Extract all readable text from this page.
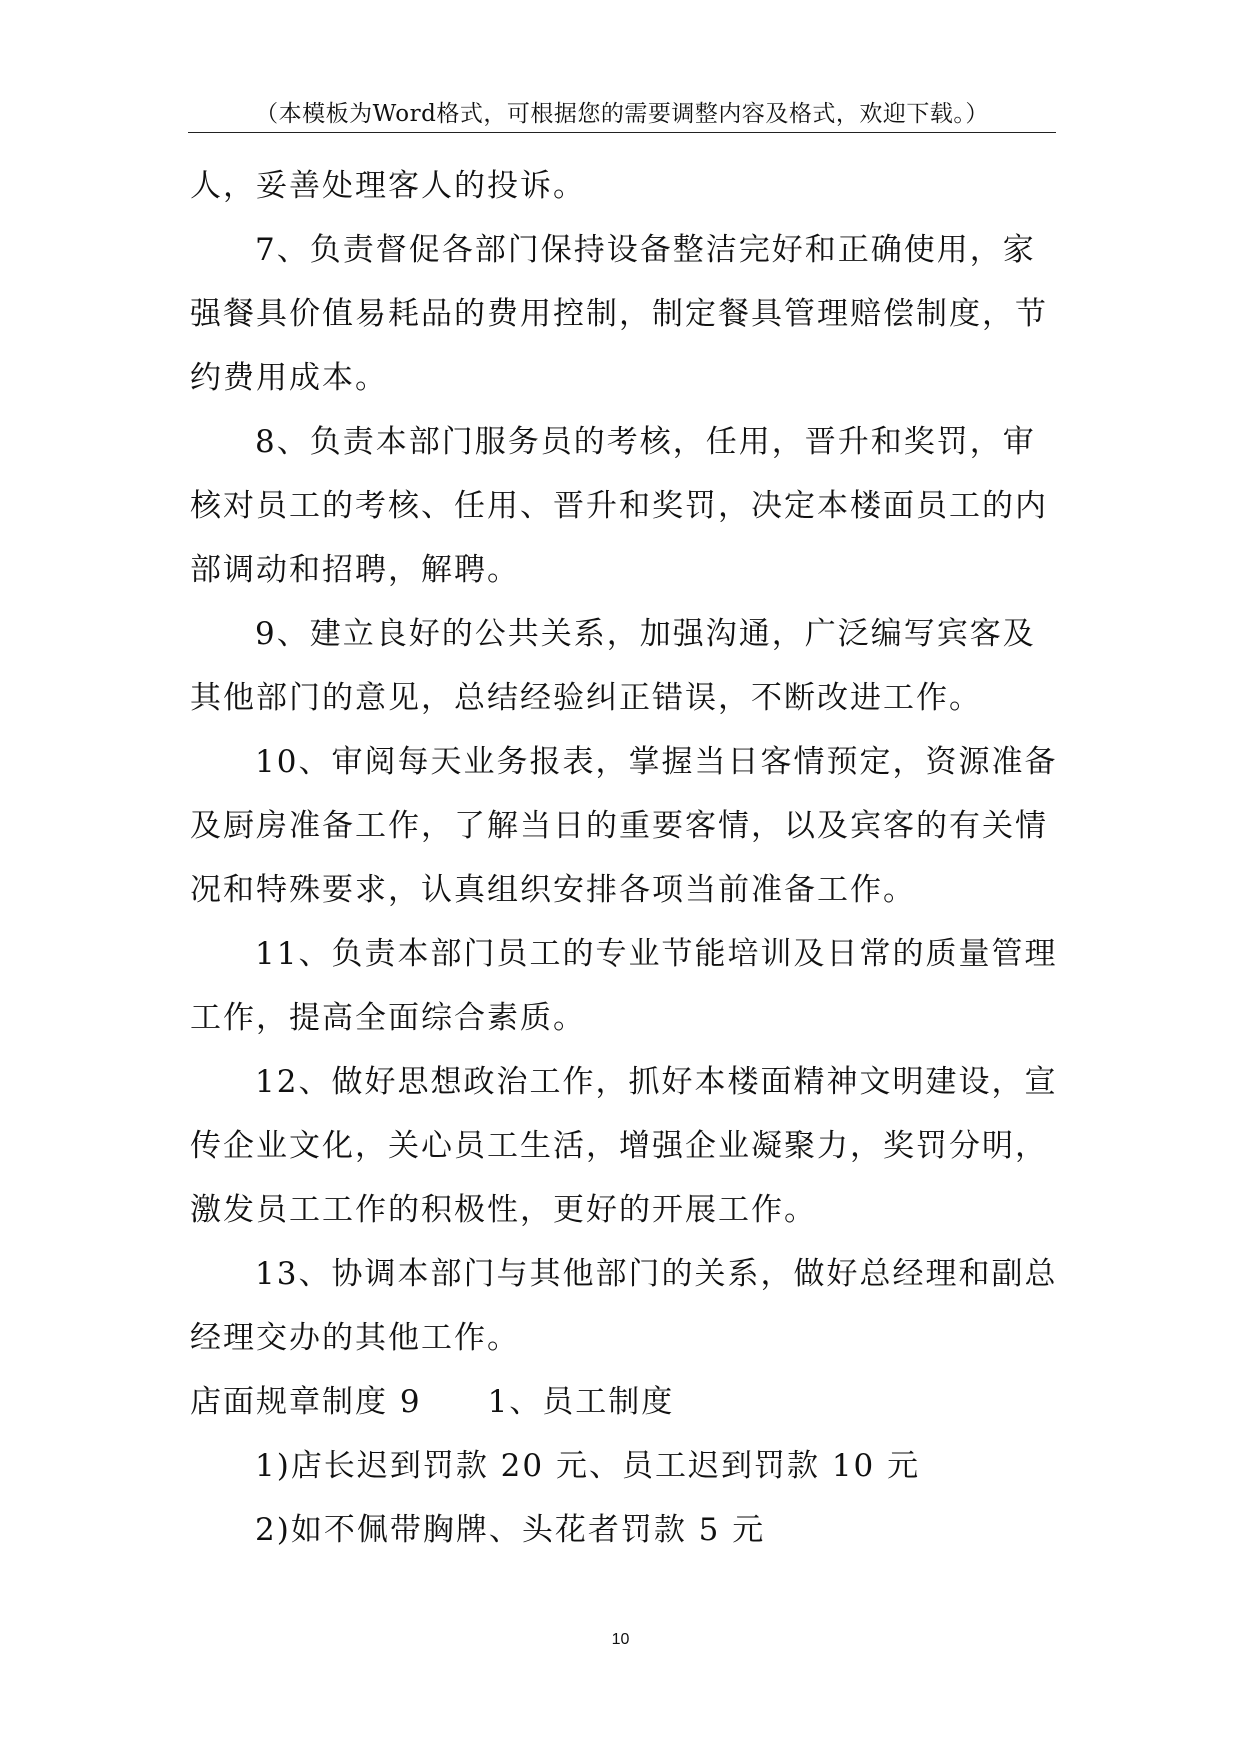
（本模板为Word格式，可根据您的需要调整内容及格式，欢迎下载。）
人，妥善处理客人的投诉。
7、负责督促各部门保持设备整洁完好和正确使用，家
强餐具价值易耗品的费用控制，制定餐具管理赔偿制度，节
约费用成本。
8、负责本部门服务员的考核，任用，晋升和奖罚，审
核对员工的考核、任用、晋升和奖罚，决定本楼面员工的内
部调动和招聘，解聘。
9、建立良好的公共关系，加强沟通，广泛编写宾客及
其他部门的意见，总结经验纠正错误，不断改进工作。
10、审阅每天业务报表，掌握当日客情预定，资源准备
及厨房准备工作，了解当日的重要客情，以及宾客的有关情
况和特殊要求，认真组织安排各项当前准备工作。
11、负责本部门员工的专业节能培训及日常的质量管理
工作，提高全面综合素质。
12、做好思想政治工作，抓好本楼面精神文明建设，宣
传企业文化，关心员工生活，增强企业凝聚力，奖罚分明，
激发员工工作的积极性，更好的开展工作。
13、协调本部门与其他部门的关系，做好总经理和副总
经理交办的其他工作。
店面规章制度 9　　1、员工制度
1)店长迟到罚款 20 元、员工迟到罚款 10 元
2)如不佩带胸牌、头花者罚款 5 元
10
